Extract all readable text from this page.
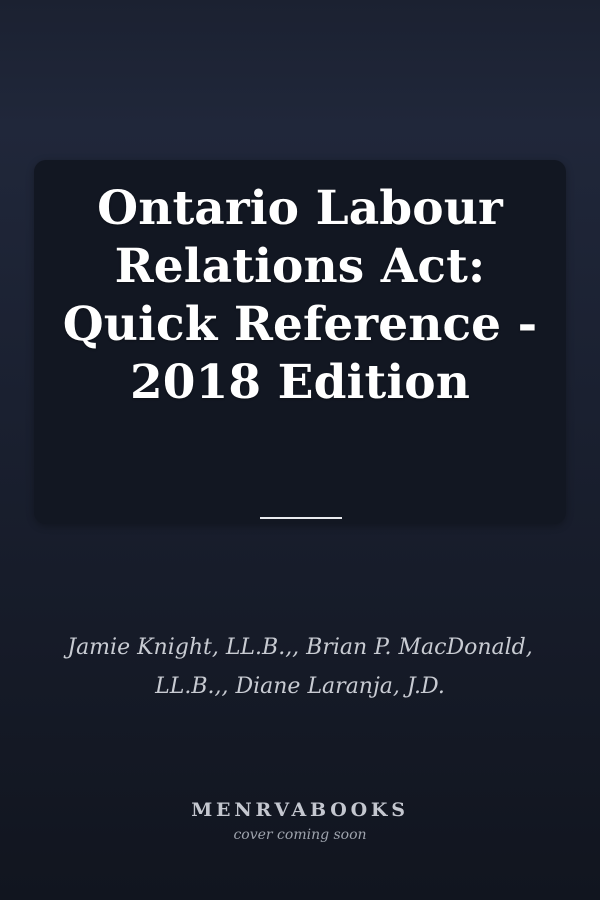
Ontario Labour Relations Act: Quick Reference - 2018 Edition

Jamie Knight, LL.B.,, Brian P. MacDonald, LL.B.,, Diane Laranja, J.D.

MENRVABOOKS
cover coming soon
